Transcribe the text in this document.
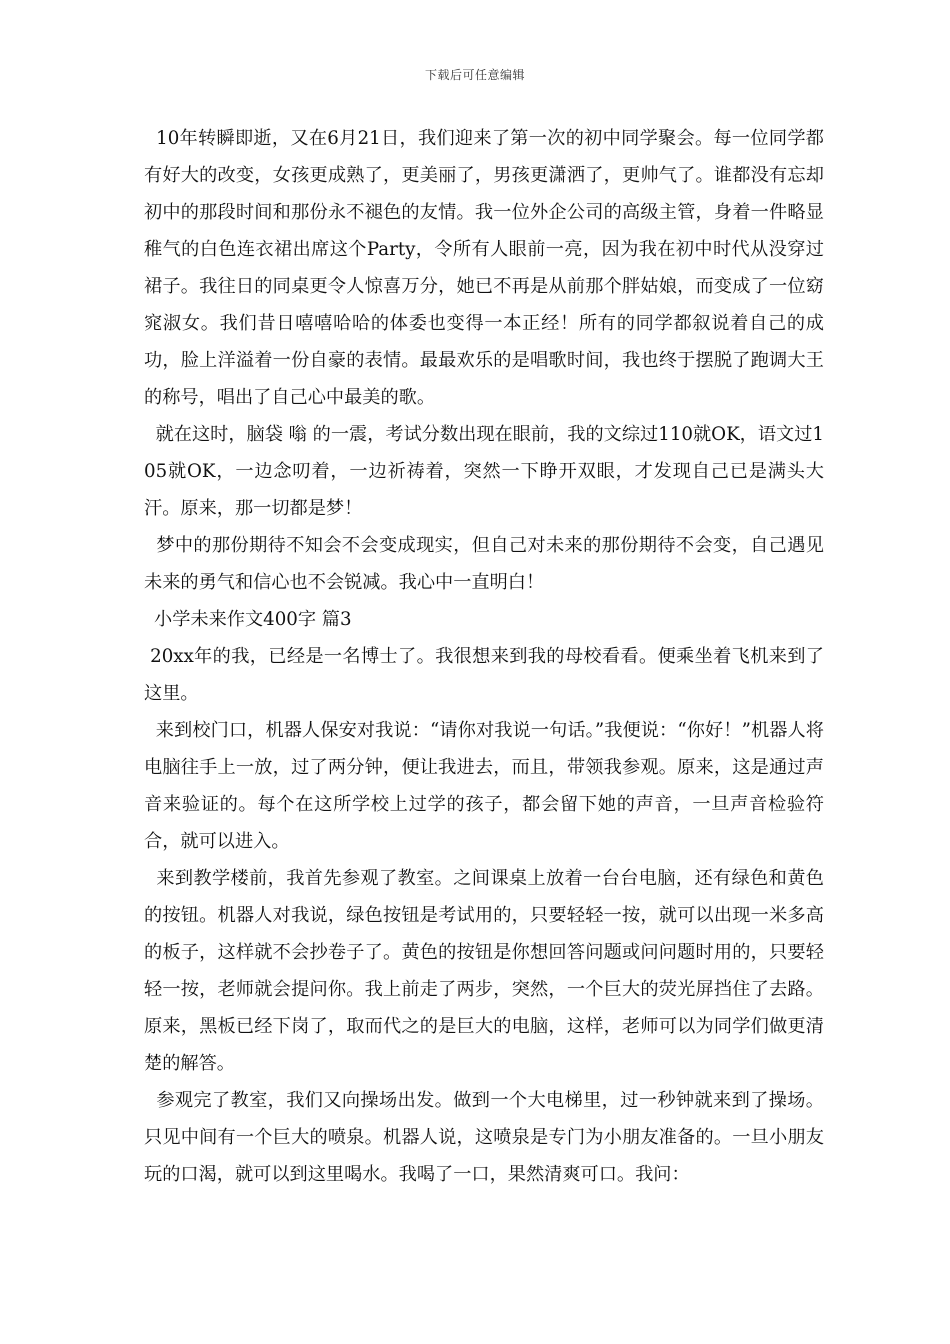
下载后可任意编辑

10年转瞬即逝，又在6月21日，我们迎来了第一次的初中同学聚会。每一位同学都有好大的改变，女孩更成熟了，更美丽了，男孩更潇洒了，更帅气了。谁都没有忘却初中的那段时间和那份永不褪色的友情。我一位外企公司的高级主管，身着一件略显稚气的白色连衣裙出席这个Party，令所有人眼前一亮，因为我在初中时代从没穿过裙子。我往日的同桌更令人惊喜万分，她已不再是从前那个胖姑娘，而变成了一位窈窕淑女。我们昔日嘻嘻哈哈的体委也变得一本正经！所有的同学都叙说着自己的成功，脸上洋溢着一份自豪的表情。最最欢乐的是唱歌时间，我也终于摆脱了跑调大王的称号，唱出了自己心中最美的歌。

就在这时，脑袋 嗡 的一震，考试分数出现在眼前，我的文综过110就OK，语文过105就OK，一边念叨着，一边祈祷着，突然一下睁开双眼，才发现自己已是满头大汗。原来，那一切都是梦！

梦中的那份期待不知会不会变成现实，但自己对未来的那份期待不会变，自己遇见未来的勇气和信心也不会锐减。我心中一直明白！

小学未来作文400字 篇3

20xx年的我，已经是一名博士了。我很想来到我的母校看看。便乘坐着飞机来到了这里。

来到校门口，机器人保安对我说：“请你对我说一句话。”我便说：“你好！”机器人将电脑往手上一放，过了两分钟，便让我进去，而且，带领我参观。原来，这是通过声音来验证的。每个在这所学校上过学的孩子，都会留下她的声音，一旦声音检验符合，就可以进入。

来到教学楼前，我首先参观了教室。之间课桌上放着一台台电脑，还有绿色和黄色的按钮。机器人对我说，绿色按钮是考试用的，只要轻轻一按，就可以出现一米多高的板子，这样就不会抄卷子了。黄色的按钮是你想回答问题或问问题时用的，只要轻轻一按，老师就会提问你。我上前走了两步，突然，一个巨大的荧光屏挡住了去路。原来，黑板已经下岗了，取而代之的是巨大的电脑，这样，老师可以为同学们做更清楚的解答。

参观完了教室，我们又向操场出发。做到一个大电梯里，过一秒钟就来到了操场。只见中间有一个巨大的喷泉。机器人说，这喷泉是专门为小朋友准备的。一旦小朋友玩的口渴，就可以到这里喝水。我喝了一口，果然清爽可口。我问：
